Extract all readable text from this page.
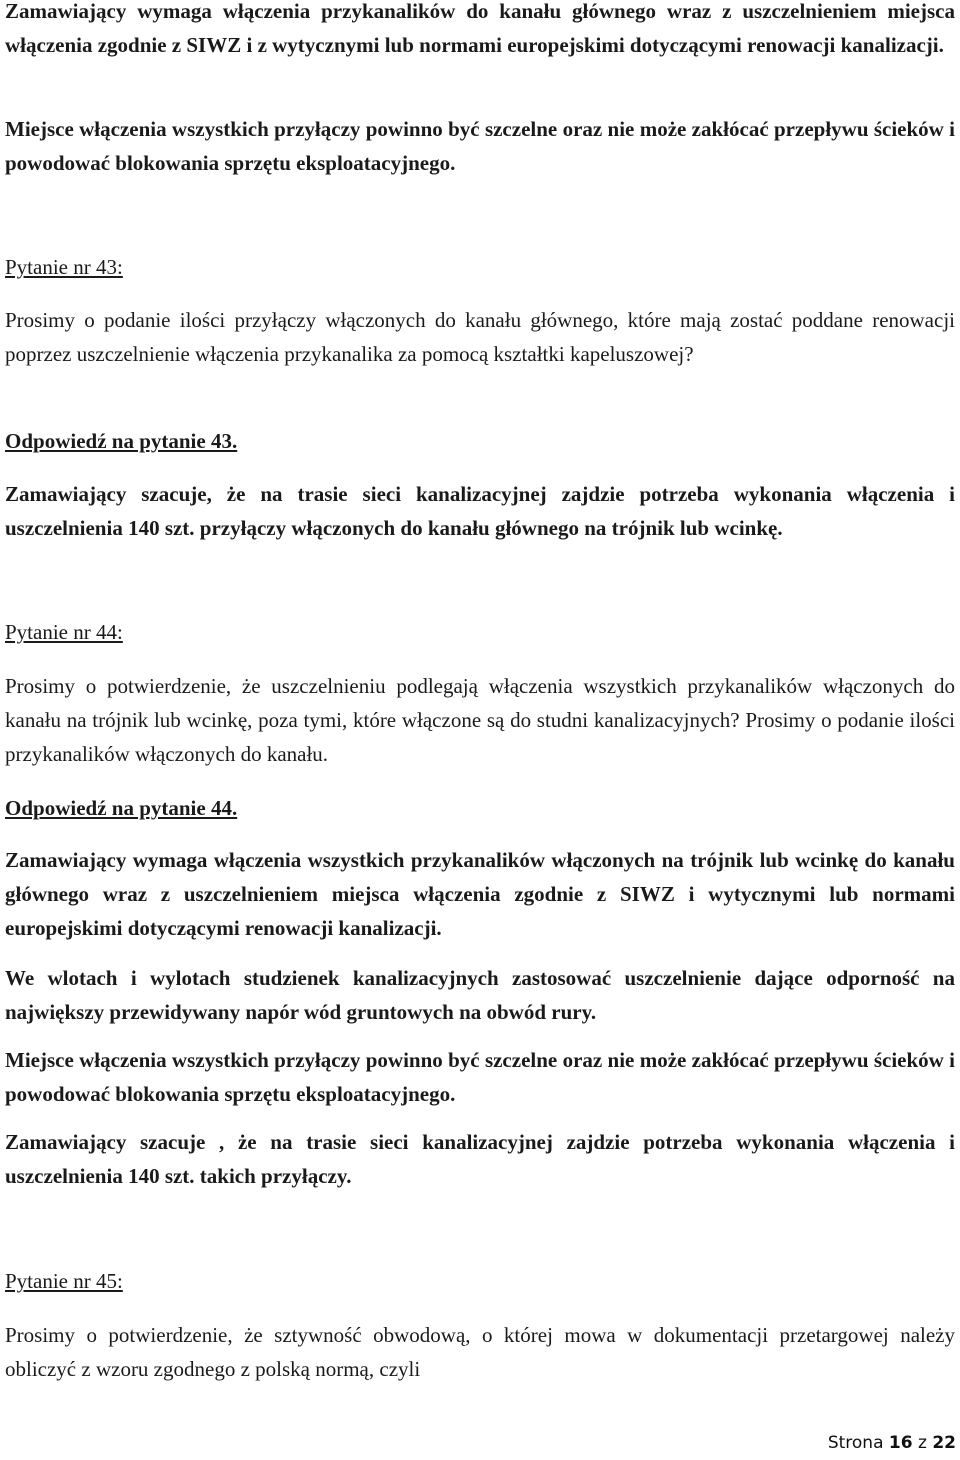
Zamawiający wymaga włączenia przykanalików do kanału głównego wraz z uszczelnieniem miejsca włączenia zgodnie z SIWZ i z wytycznymi lub normami europejskimi dotyczącymi renowacji kanalizacji.

Miejsce włączenia wszystkich przyłączy powinno być szczelne oraz nie może zakłócać przepływu ścieków i powodować blokowania sprzętu eksploatacyjnego.

Pytanie nr 43:

Prosimy o podanie ilości przyłączy włączonych do kanału głównego, które mają zostać poddane renowacji poprzez uszczelnienie włączenia przykanalika za pomocą kształtki kapeluszowej?

Odpowiedź na pytanie 43.

Zamawiający szacuje, że na trasie sieci kanalizacyjnej zajdzie potrzeba wykonania włączenia i uszczelnienia 140 szt. przyłączy włączonych do kanału głównego na trójnik lub wcinkę.

Pytanie nr 44:

Prosimy o potwierdzenie, że uszczelnieniu podlegają włączenia wszystkich przykanalików włączonych do kanału na trójnik lub wcinkę, poza tymi, które włączone są do studni kanalizacyjnych? Prosimy o podanie ilości przykanalików włączonych do kanału.

Odpowiedź na pytanie 44.

Zamawiający wymaga włączenia wszystkich przykanalików włączonych na trójnik lub wcinkę do kanału głównego wraz z uszczelnieniem miejsca włączenia zgodnie z SIWZ i wytycznymi lub normami europejskimi dotyczącymi renowacji kanalizacji.

We wlotach i wylotach studzienek kanalizacyjnych zastosować uszczelnienie dające odporność na największy przewidywany napór wód gruntowych na obwód rury.

Miejsce włączenia wszystkich przyłączy powinno być szczelne oraz nie może zakłócać przepływu ścieków i powodować blokowania sprzętu eksploatacyjnego.

Zamawiający szacuje , że na trasie sieci kanalizacyjnej zajdzie potrzeba wykonania włączenia i uszczelnienia 140 szt. takich przyłączy.

Pytanie nr 45:

Prosimy o potwierdzenie, że sztywność obwodową, o której mowa w dokumentacji przetargowej należy obliczyć z wzoru zgodnego z polską normą, czyli

Strona 16 z 22
